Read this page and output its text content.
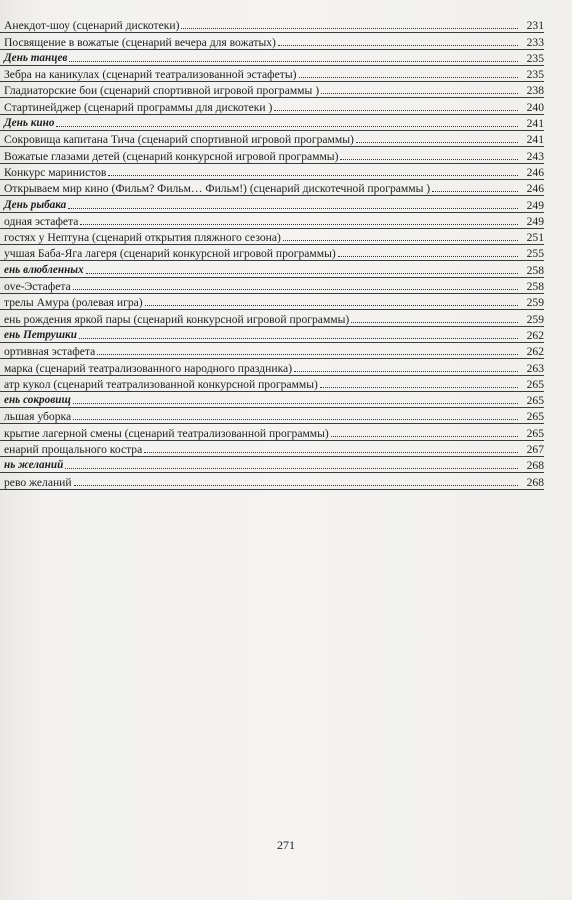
Анекдот-шоу (сценарий дискотеки)	231
Посвящение в вожатые (сценарий вечера для вожатых)	233
День танцев	235
Зебра на каникулах (сценарий театрализованной эстафеты)	235
Гладиаторские бои (сценарий спортивной игровой программы )	238
Стартинейджер (сценарий программы для дискотеки )	240
День кино	241
Сокровища капитана Тича (сценарий спортивной игровой программы)	241
Вожатые глазами детей (сценарий конкурсной игровой программы)	243
Конкурс маринистов	246
Открываем мир кино (Фильм? Фильм… Фильм!) (сценарий дискотечной программы )	246
День рыбака	249
одная эстафета	249
гостях у Нептуна (сценарий открытия пляжного сезона)	251
учшая Баба-Яга лагеря (сценарий конкурсной игровой программы)	255
ень влюбленных	258
ove-Эстафета	258
трелы Амура (ролевая игра)	259
ень рождения яркой пары (сценарий конкурсной игровой программы)	259
ень Петрушки	262
ортивная эстафета	262
марка (сценарий театрализованного народного праздника)	263
атр кукол (сценарий театрализованной конкурсной программы)	265
ень сокровищ	265
льшая уборка	265
крытие лагерной смены (сценарий театрализованной программы)	265
енарий прощального костра	267
нь желаний	268
рево желаний	268
271
